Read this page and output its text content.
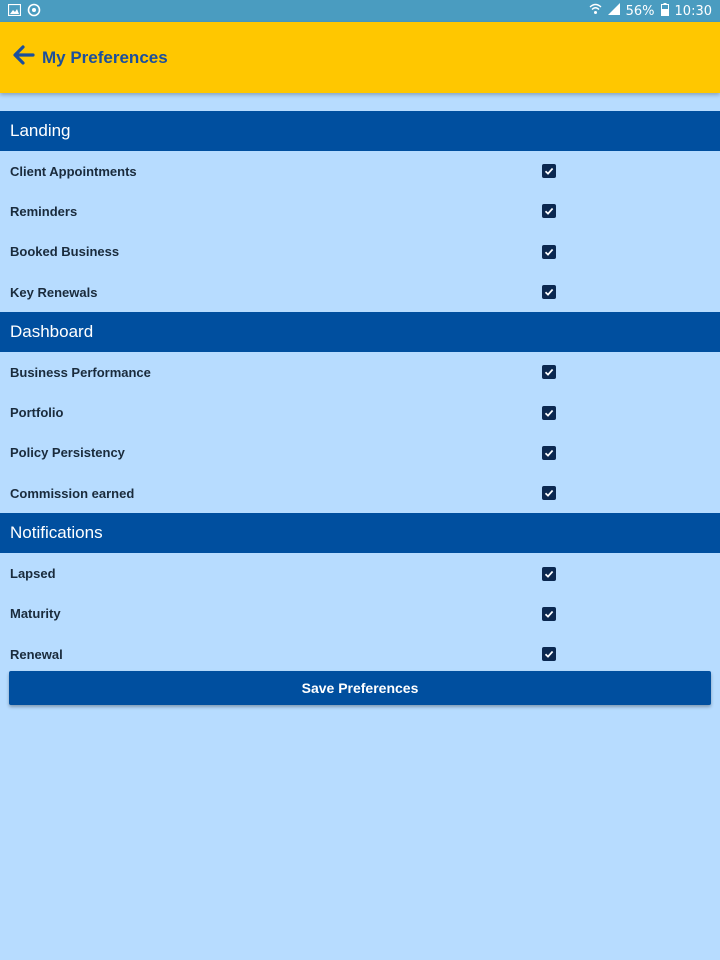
56% 10:30
My Preferences
Landing
Client Appointments
Reminders
Booked Business
Key Renewals
Dashboard
Business Performance
Portfolio
Policy Persistency
Commission earned
Notifications
Lapsed
Maturity
Renewal
Save Preferences
